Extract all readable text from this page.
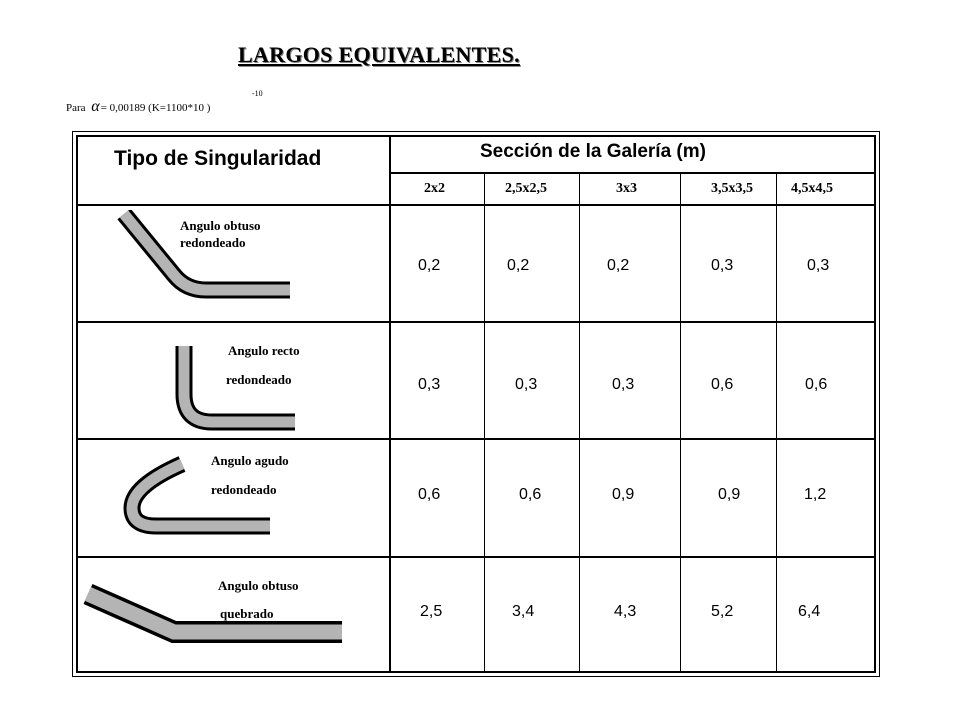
LARGOS EQUIVALENTES.
Para α= 0,00189 (K=1100*10 )
-10
Tipo de Singularidad	Sección de la Galería (m)
2x2	2,5x2,5	3x3	3,5x3,5	4,5x4,5
Angulo obtuso
redondeado
0,2	0,2	0,2	0,3	0,3
Angulo recto
redondeado	0,3	0,3	0,3	0,6	0,6
Angulo agudo
redondeado	0,6	0,6	0,9	0,9	1,2
Angulo obtuso
quebrado	2,5	3,4	4,3	5,2	6,4
